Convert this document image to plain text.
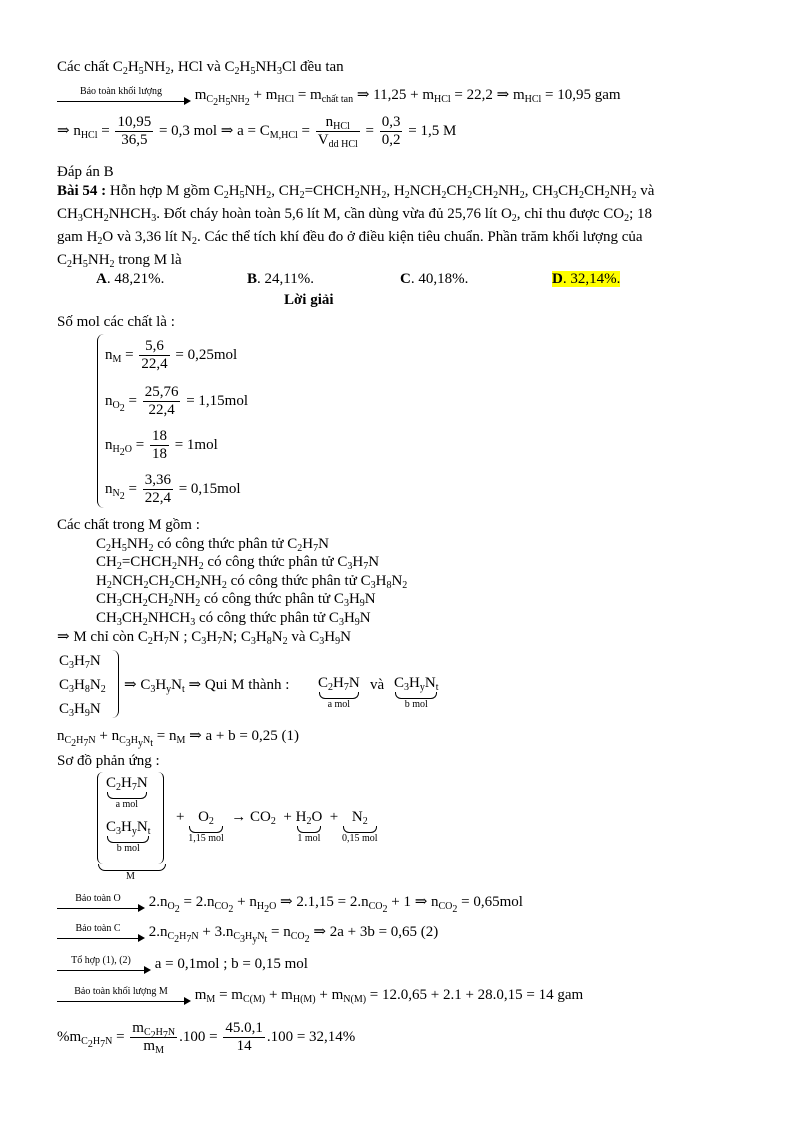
Các chất $C_2H_5NH_2$, HCl và $C_2H_5NH_3Cl$ đều tan
Bảo toàn khối lượng	$m_{C_2H_5NH_2} + m_{HCl} = m_{chất tan}$ ⇒ $11,25 + m_{HCl} = 22,2$ ⇒ $m_{HCl} = 10,95$ gam
⇒ $n_{HCl} = \frac{10,95}{36,5} = 0,3$ mol ⇒ $a = C_{M,HCl} = \frac{n_{HCl}}{V_{dd HCl}} = \frac{0,3}{0,2} = 1,5$ M
Đáp án B
Bài 54 : Hỗn hợp M gồm $C_2H_5NH_2$, $CH_2=CHCH_2NH_2$, $H_2NCH_2CH_2CH_2NH_2$, $CH_3CH_2CH_2NH_2$ và
$CH_3CH_2NHCH_3$. Đốt cháy hoàn toàn 5,6 lít M, cần dùng vừa đủ 25,76 lít $O_2$, chỉ thu được $CO_2$; 18
gam $H_2O$ và 3,36 lít $N_2$. Các thể tích khí đều đo ở điều kiện tiêu chuẩn. Phần trăm khối lượng của
$C_2H_5NH_2$ trong M là
A. 48,21%.	B. 24,11%.	C. 40,18%.	D. 32,14%.
Lời giải
Số mol các chất là :
$n_M = \frac{5,6}{22,4} = 0,25mol$
$n_{O_2} = \frac{25,76}{22,4} = 1,15mol$
$n_{H_2O} = \frac{18}{18} = 1mol$
$n_{N_2} = \frac{3,36}{22,4} = 0,15mol$
Các chất trong M gồm :
$C_2H_5NH_2$ có công thức phân tử $C_2H_7N$
$CH_2=CHCH_2NH_2$ có công thức phân tử $C_3H_7N$
$H_2NCH_2CH_2CH_2NH_2$ có công thức phân tử $C_3H_8N_2$
$CH_3CH_2CH_2NH_2$ có công thức phân tử $C_3H_9N$
$CH_3CH_2NHCH_3$ có công thức phân tử $C_3H_9N$
⇒ M chỉ còn $C_2H_7N$ ; $C_3H_7N$; $C_3H_8N_2$ và $C_3H_9N$
$C_3H_7N$
$C_3H_8N_2$
$C_3H_9N$
⇒ $C_3H_yN_t$ ⇒ Qui M thành : $C_2H_7N$
a mol
và $C_3H_yN_t$
b mol
$n_{C_2H_7N} + n_{C_3H_yN_t} = n_M$ ⇒ a + b = 0,25 (1)
Sơ đồ phản ứng :
$C_2H_7N$
a mol
$C_3H_yN_t$
b mol
M
+ $O_2$
1,15 mol
→ $CO_2 + H_2O$
1 mol
+ $N_2$
0,15 mol
Bảo toàn O	$2.n_{O_2} = 2.n_{CO_2} + n_{H_2O}$ ⇒ $2.1,15 = 2.n_{CO_2} + 1$ ⇒ $n_{CO_2} = 0,65mol$
Bảo toàn C	$2.n_{C_2H_7N} + 3.n_{C_3H_yN_t} = n_{CO_2}$ ⇒ 2a + 3b = 0,65 (2)
Tổ hợp (1), (2)	a = 0,1mol ; b = 0,15 mol
Bảo toàn khối lượng M	$m_M = m_{C(M)} + m_{H(M)} + m_{N(M)} = 12.0,65 + 2.1 + 28.0,15 = 14$ gam
$\%m_{C_2H_7N} = \frac{m_{C_2H_7N}}{m_M} .100 = \frac{45.0,1}{14} .100 = 32,14\%$
